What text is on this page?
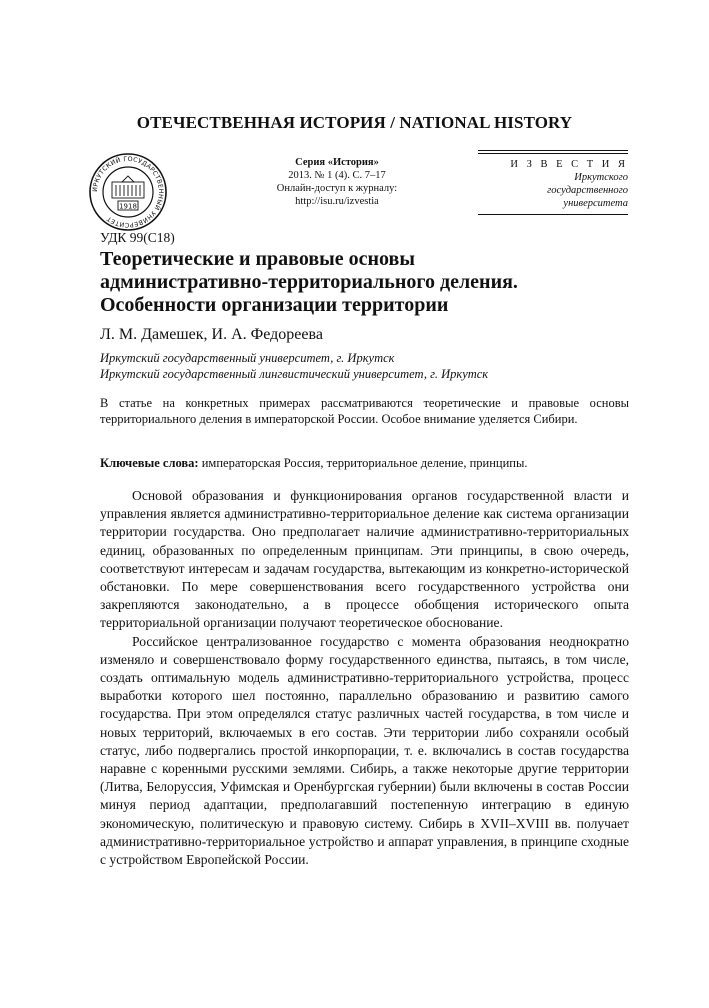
ОТЕЧЕСТВЕННАЯ ИСТОРИЯ / NATIONAL HISTORY
ИРКУТСКИЙ ГОСУДАРСТВЕННЫЙ УНИВЕРСИТЕТ
1918
Серия «История»
2013. № 1 (4). С. 7–17
Онлайн-доступ к журналу:
http://isu.ru/izvestia
И З В Е С Т И Я
Иркутского
государственного
университета
УДК 99(С18)
Теоретические и правовые основы
административно-территориального деления.
Особенности организации территории
Л. М. Дамешек, И. А. Федореева
Иркутский государственный университет, г. Иркутск
Иркутский государственный лингвистический университет, г. Иркутск
В статье на конкретных примерах рассматриваются теоретические и правовые основы территориального деления в императорской России. Особое внимание уделяется Сибири.
Ключевые слова: императорская Россия, территориальное деление, принципы.

Основой образования и функционирования органов государственной власти и управления является административно-территориальное деление как система организации территории государства. Оно предполагает наличие административно-территориальных единиц, образованных по определенным принципам. Эти принципы, в свою очередь, соответствуют интересам и задачам государства, вытекающим из конкретно-исторической обстановки. По мере совершенствования всего государственного устройства они закрепляются законодательно, а в процессе обобщения исторического опыта территориальной организации получают теоретическое обоснование.

Российское централизованное государство с момента образования неоднократно изменяло и совершенствовало форму государственного единства, пытаясь, в том числе, создать оптимальную модель административно-территориального устройства, процесс выработки которого шел постоянно, параллельно образованию и развитию самого государства. При этом определялся статус различных частей государства, в том числе и новых территорий, включаемых в его состав. Эти территории либо сохраняли особый статус, либо подвергались простой инкорпорации, т. е. включались в состав государства наравне с коренными русскими землями. Сибирь, а также некоторые другие территории (Литва, Белоруссия, Уфимская и Оренбургская губернии) были включены в состав России минуя период адаптации, предполагавший постепенную интеграцию в единую экономическую, политическую и правовую систему. Сибирь в XVII–XVIII вв. получает административно-территориальное устройство и аппарат управления, в принципе сходные с устройством Европейской России.
